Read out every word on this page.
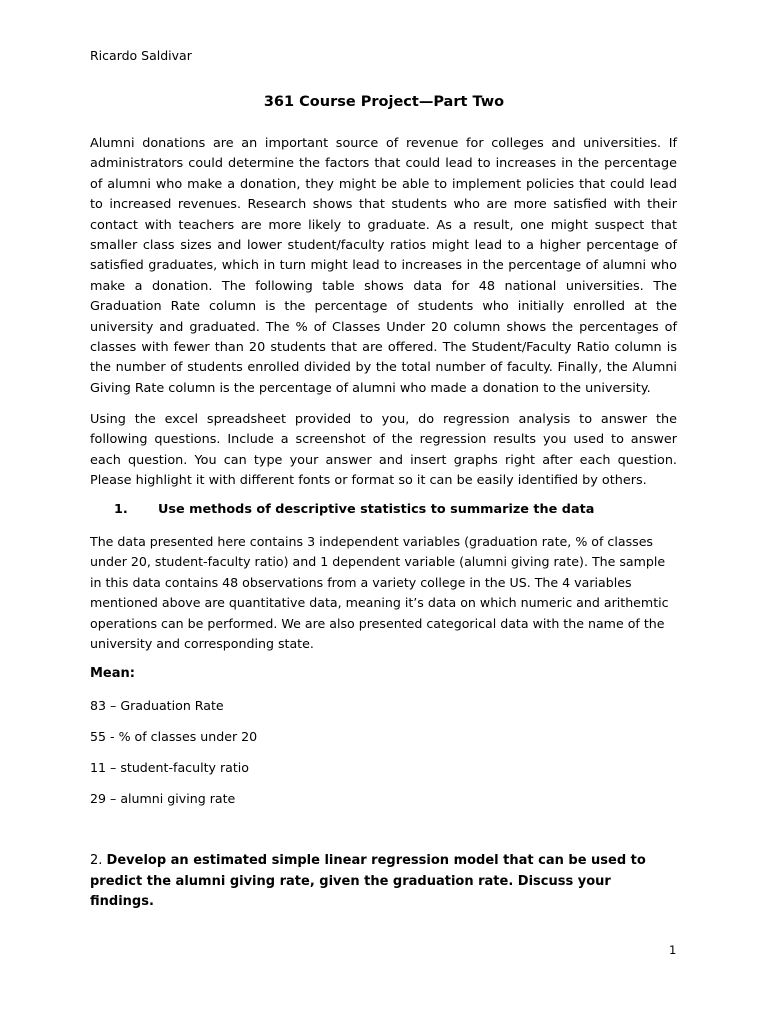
Ricardo Saldivar

361 Course Project—Part Two

Alumni donations are an important source of revenue for colleges and universities. If administrators could determine the factors that could lead to increases in the percentage of alumni who make a donation, they might be able to implement policies that could lead to increased revenues. Research shows that students who are more satisfied with their contact with teachers are more likely to graduate. As a result, one might suspect that smaller class sizes and lower student/faculty ratios might lead to a higher percentage of satisfied graduates, which in turn might lead to increases in the percentage of alumni who make a donation. The following table shows data for 48 national universities. The Graduation Rate column is the percentage of students who initially enrolled at the university and graduated. The % of Classes Under 20 column shows the percentages of classes with fewer than 20 students that are offered. The Student/Faculty Ratio column is the number of students enrolled divided by the total number of faculty. Finally, the Alumni Giving Rate column is the percentage of alumni who made a donation to the university.

Using the excel spreadsheet provided to you, do regression analysis to answer the following questions. Include a screenshot of the regression results you used to answer each question. You can type your answer and insert graphs right after each question. Please highlight it with different fonts or format so it can be easily identified by others.

1. Use methods of descriptive statistics to summarize the data

The data presented here contains 3 independent variables (graduation rate, % of classes under 20, student-faculty ratio) and 1 dependent variable (alumni giving rate). The sample in this data contains 48 observations from a variety college in the US. The 4 variables mentioned above are quantitative data, meaning it’s data on which numeric and arithemtic operations can be performed. We are also presented categorical data with the name of the university and corresponding state.

Mean:

83 – Graduation Rate
55 - % of classes under 20
11 – student-faculty ratio
29 – alumni giving rate

2. Develop an estimated simple linear regression model that can be used to predict the alumni giving rate, given the graduation rate. Discuss your findings.

1
